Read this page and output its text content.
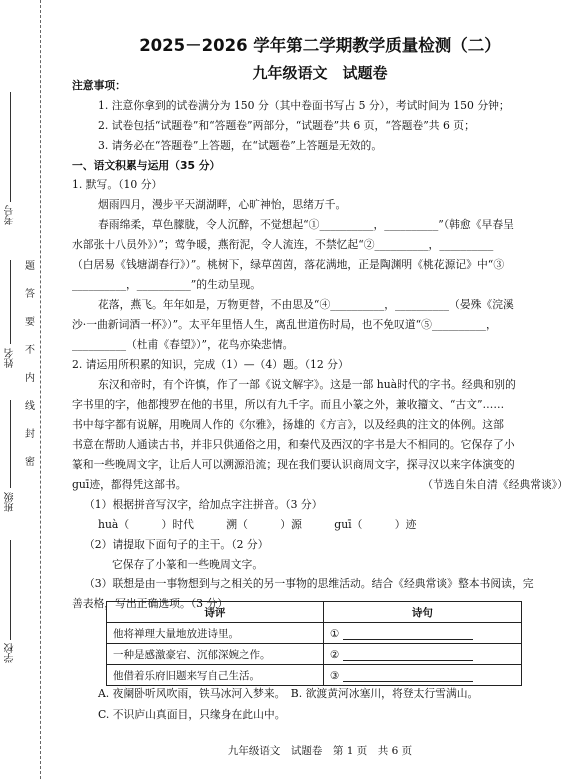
考号
姓名
班级
学校
题
答
要
不
内
线
封
密
2025－2026 学年第二学期教学质量检测（二）
九年级语文　试题卷
注意事项：
1. 注意你拿到的试卷满分为 150 分（其中卷面书写占 5 分），考试时间为 150 分钟；
2. 试卷包括“试题卷”和“答题卷”两部分，“试题卷”共 6 页，“答题卷”共 6 页；
3. 请务必在“答题卷”上答题，在“试题卷”上答题是无效的。
一、语文积累与运用（35 分）
1. 默写。（10 分）
烟雨四月，漫步平天湖湖畔，心旷神怡，思绪万千。
春雨绵柔，草色朦胧，令人沉醉，不觉想起“①__________，__________”（韩愈《早春呈
水部张十八员外》）”；莺争暖，燕衔泥，令人流连，不禁忆起“②__________，__________
（白居易《钱塘湖春行》）”。桃树下，绿草茵茵，落花满地，正是陶渊明《桃花源记》中“③
__________，__________”的生动呈现。
花落，燕飞。年年如是，万物更替，不由思及“④__________，__________（晏殊《浣溪
沙·一曲新词酒一杯》）”。太平年里悟人生，离乱世道伤时局，也不免叹道“⑤__________，
__________（杜甫《春望》）”，花鸟亦染悲情。
2. 请运用所积累的知识，完成（1）—（4）题。（12 分）
东汉和帝时，有个许慎，作了一部《说文解字》。这是一部 huà时代的字书。经典和别的
字书里的字，他都搜罗在他的书里，所以有九千字。而且小篆之外，兼收籀文、“古文”……
书中每字都有说解，用晚周人作的《尔雅》，扬雄的《方言》，以及经典的注文的体例。这部
书意在帮助人通读古书，并非只供通俗之用，和秦代及西汉的字书是大不相同的。它保存了小
篆和一些晚周文字，让后人可以溯源沿流；现在我们要认识商周文字，探寻汉以来字体演变的
guī迹，都得凭这部书。	（节选自朱自清《经典常谈》）
（1）根据拼音写汉字，给加点字注拼音。（3 分）
huà（　　　）时代　　　溯（　　　）源　　　guī（　　　）迹
（2）请提取下面句子的主干。（2 分）
它保存了小篆和一些晚周文字。
（3）联想是由一事物想到与之相关的另一事物的思维活动。结合《经典常谈》整本书阅读，完
善表格，写出正确选项。（3 分）
诗评	诗句
他将禅理大量地放进诗里。	①
一种是感激豪宕、沉郁深婉之作。	②
他借着乐府旧题来写自己生活。	③
A. 夜阑卧听风吹雨，铁马冰河入梦来。　B. 欲渡黄河冰塞川，将登太行雪满山。
C. 不识庐山真面目，只缘身在此山中。
九年级语文　试题卷　第 1 页　共 6 页
